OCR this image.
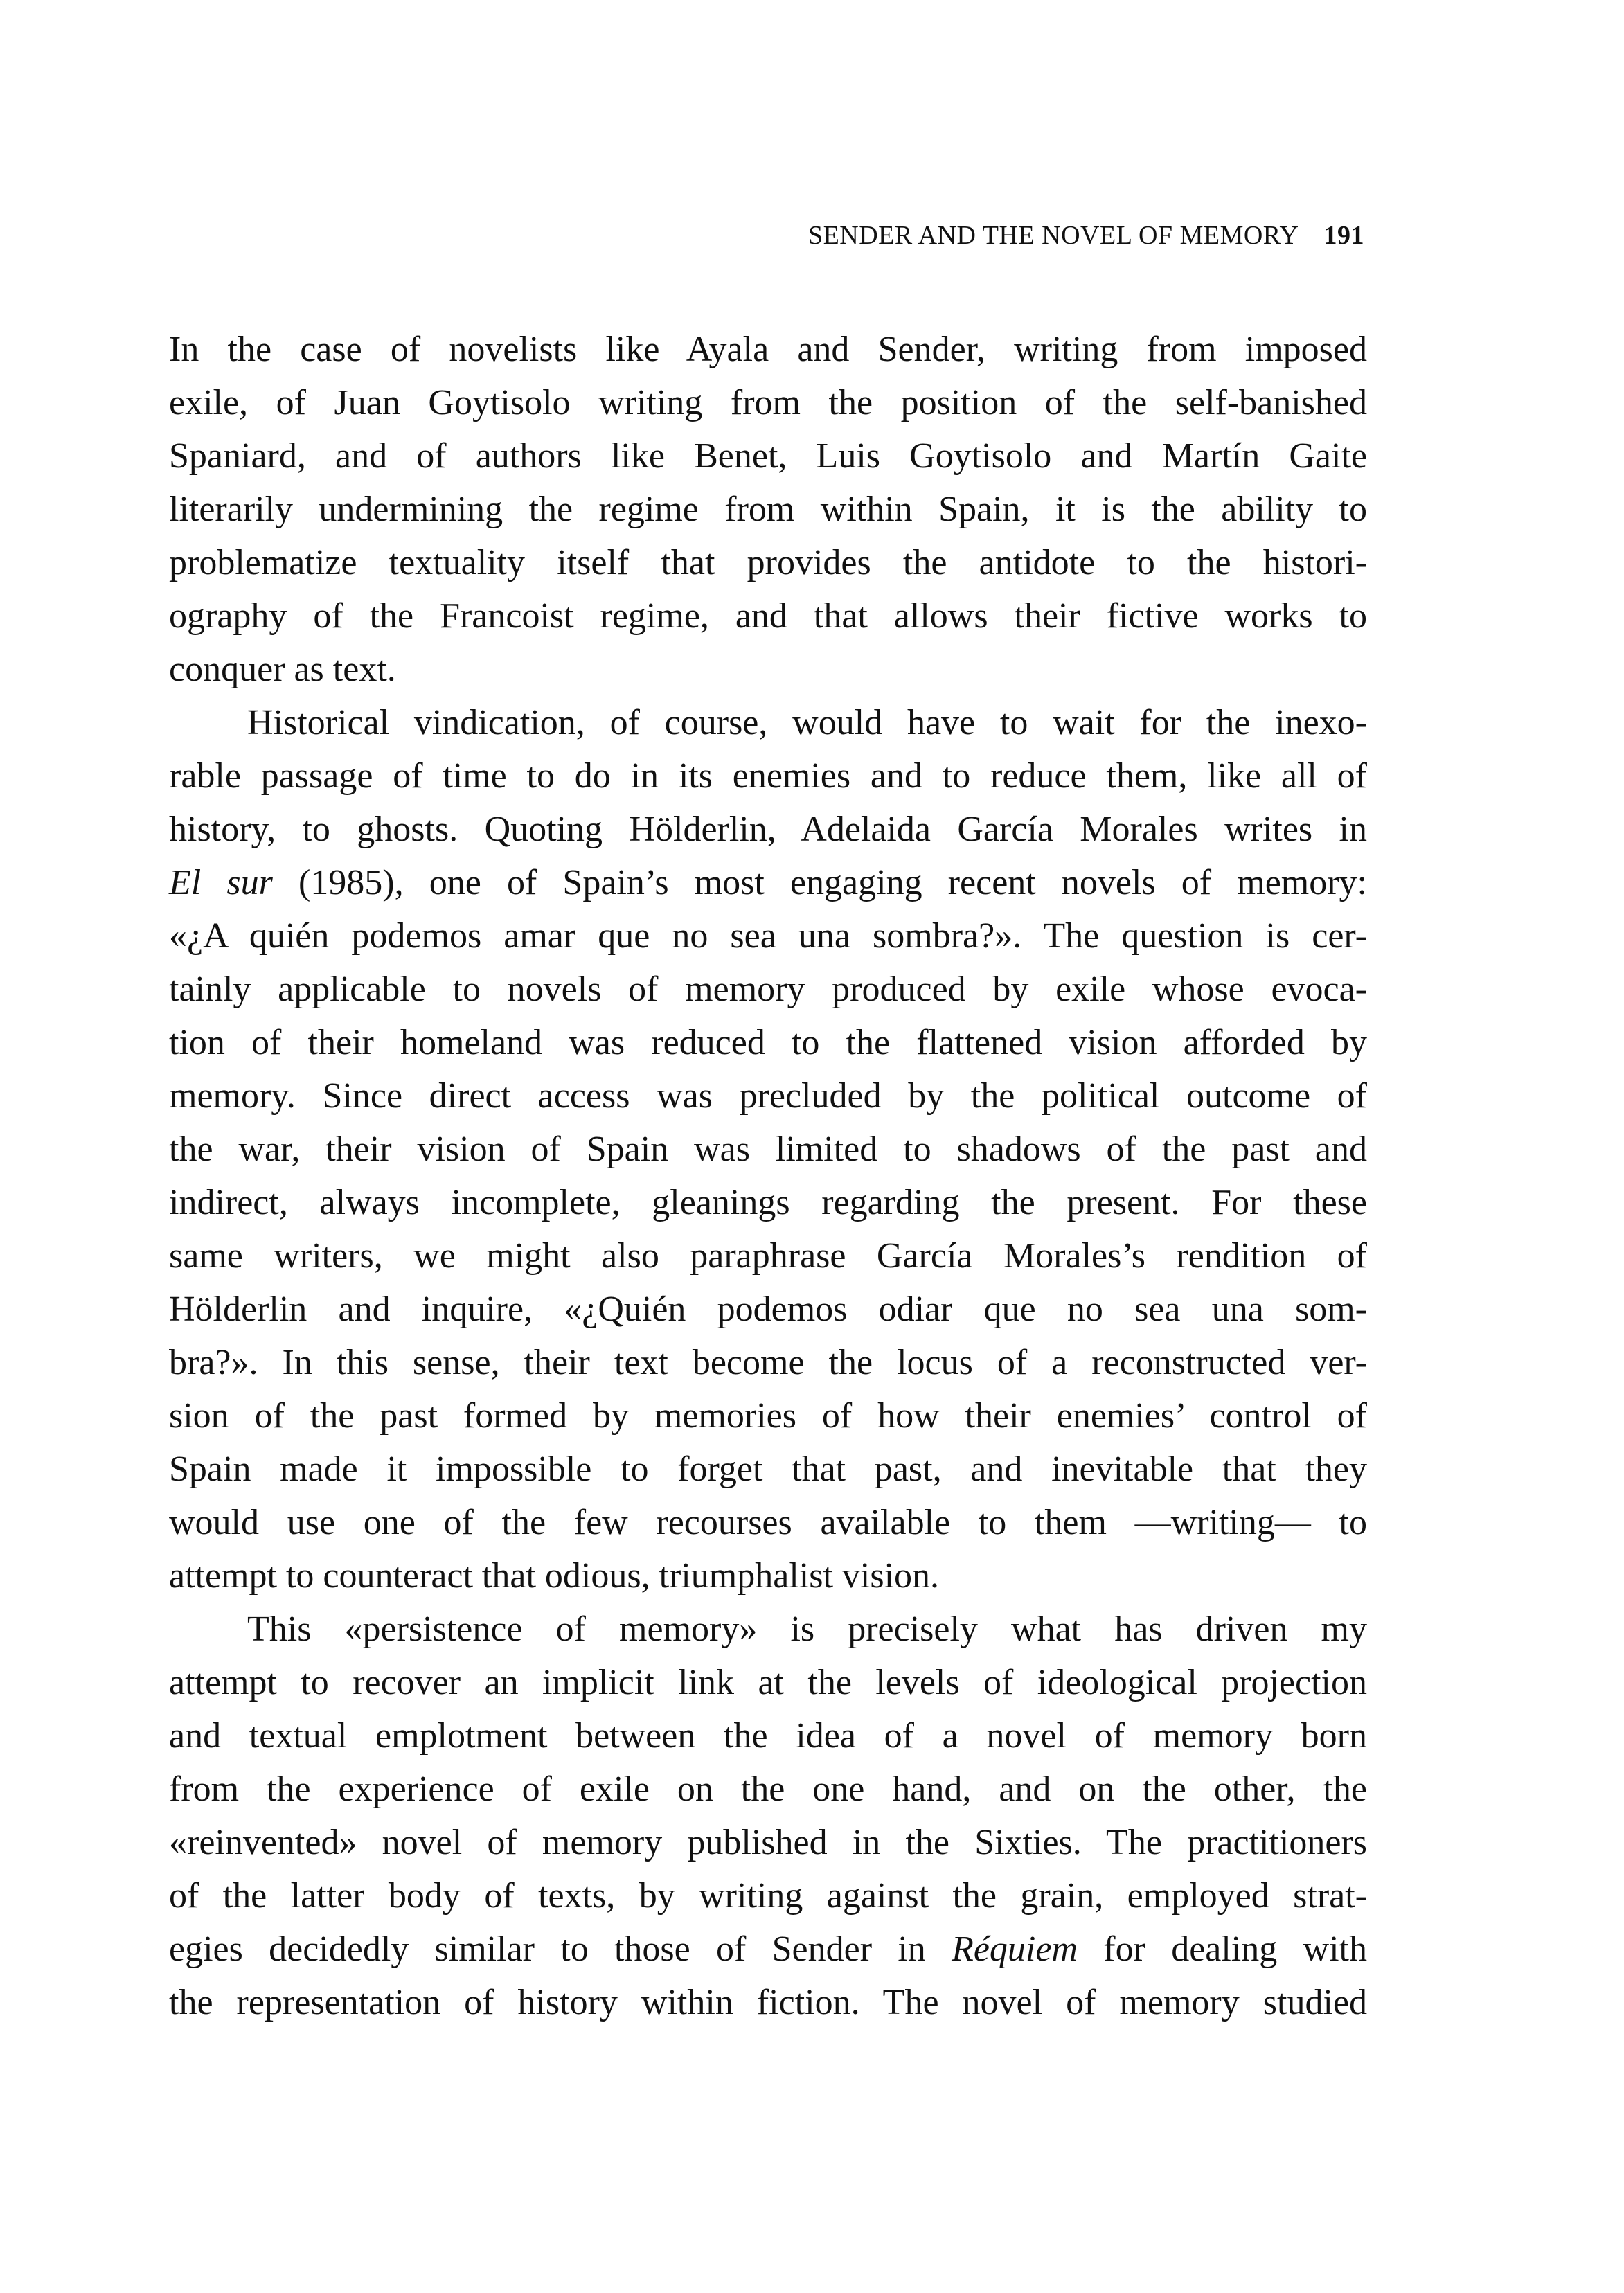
SENDER AND THE NOVEL OF MEMORY 191
In the case of novelists like Ayala and Sender, writing from imposed
exile, of Juan Goytisolo writing from the position of the self-banished
Spaniard, and of authors like Benet, Luis Goytisolo and Martín Gaite
literarily undermining the regime from within Spain, it is the ability to
problematize textuality itself that provides the antidote to the histori-
ography of the Francoist regime, and that allows their fictive works to
conquer as text.
Historical vindication, of course, would have to wait for the inexo-
rable passage of time to do in its enemies and to reduce them, like all of
history, to ghosts. Quoting Hölderlin, Adelaida García Morales writes in
El sur (1985), one of Spain’s most engaging recent novels of memory:
«¿A quién podemos amar que no sea una sombra?». The question is cer-
tainly applicable to novels of memory produced by exile whose evoca-
tion of their homeland was reduced to the flattened vision afforded by
memory. Since direct access was precluded by the political outcome of
the war, their vision of Spain was limited to shadows of the past and
indirect, always incomplete, gleanings regarding the present. For these
same writers, we might also paraphrase García Morales’s rendition of
Hölderlin and inquire, «¿Quién podemos odiar que no sea una som-
bra?». In this sense, their text become the locus of a reconstructed ver-
sion of the past formed by memories of how their enemies’ control of
Spain made it impossible to forget that past, and inevitable that they
would use one of the few recourses available to them —writing— to
attempt to counteract that odious, triumphalist vision.
This «persistence of memory» is precisely what has driven my
attempt to recover an implicit link at the levels of ideological projection
and textual emplotment between the idea of a novel of memory born
from the experience of exile on the one hand, and on the other, the
«reinvented» novel of memory published in the Sixties. The practitioners
of the latter body of texts, by writing against the grain, employed strat-
egies decidedly similar to those of Sender in Réquiem for dealing with
the representation of history within fiction. The novel of memory studied
